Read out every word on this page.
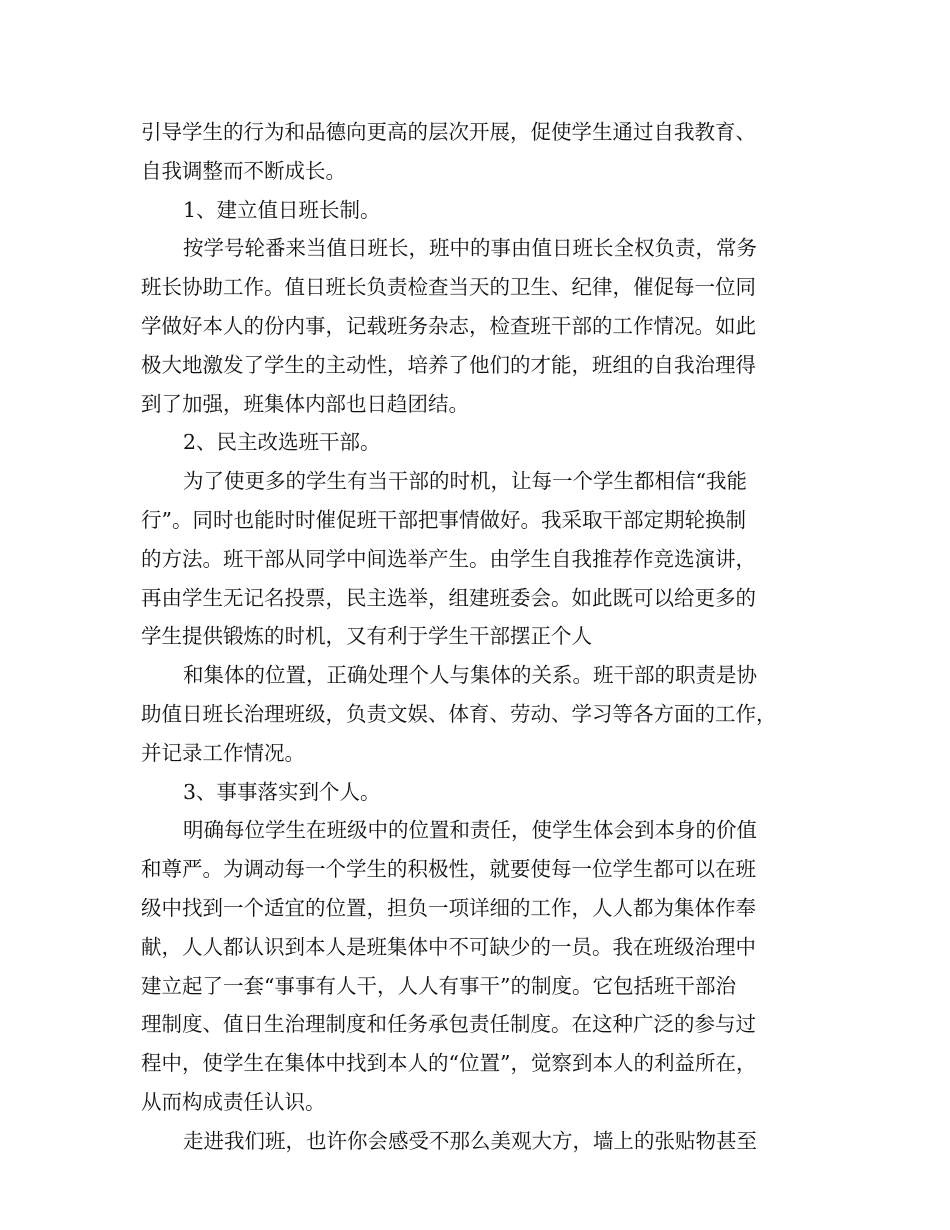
引导学生的行为和品德向更高的层次开展，促使学生通过自我教育、
自我调整而不断成长。
1、建立值日班长制。
按学号轮番来当值日班长，班中的事由值日班长全权负责，常务
班长协助工作。值日班长负责检查当天的卫生、纪律，催促每一位同
学做好本人的份内事，记载班务杂志，检查班干部的工作情况。如此
极大地激发了学生的主动性，培养了他们的才能，班组的自我治理得
到了加强，班集体内部也日趋团结。
2、民主改选班干部。
为了使更多的学生有当干部的时机，让每一个学生都相信“我能
行”。同时也能时时催促班干部把事情做好。我采取干部定期轮换制
的方法。班干部从同学中间选举产生。由学生自我推荐作竞选演讲，
再由学生无记名投票，民主选举，组建班委会。如此既可以给更多的
学生提供锻炼的时机，又有利于学生干部摆正个人
和集体的位置，正确处理个人与集体的关系。班干部的职责是协
助值日班长治理班级，负责文娱、体育、劳动、学习等各方面的工作，
并记录工作情况。
3、事事落实到个人。
明确每位学生在班级中的位置和责任，使学生体会到本身的价值
和尊严。为调动每一个学生的积极性，就要使每一位学生都可以在班
级中找到一个适宜的位置，担负一项详细的工作，人人都为集体作奉
献，人人都认识到本人是班集体中不可缺少的一员。我在班级治理中
建立起了一套“事事有人干，人人有事干”的制度。它包括班干部治
理制度、值日生治理制度和任务承包责任制度。在这种广泛的参与过
程中，使学生在集体中找到本人的“位置”，觉察到本人的利益所在，
从而构成责任认识。
走进我们班，也许你会感受不那么美观大方，墙上的张贴物甚至
